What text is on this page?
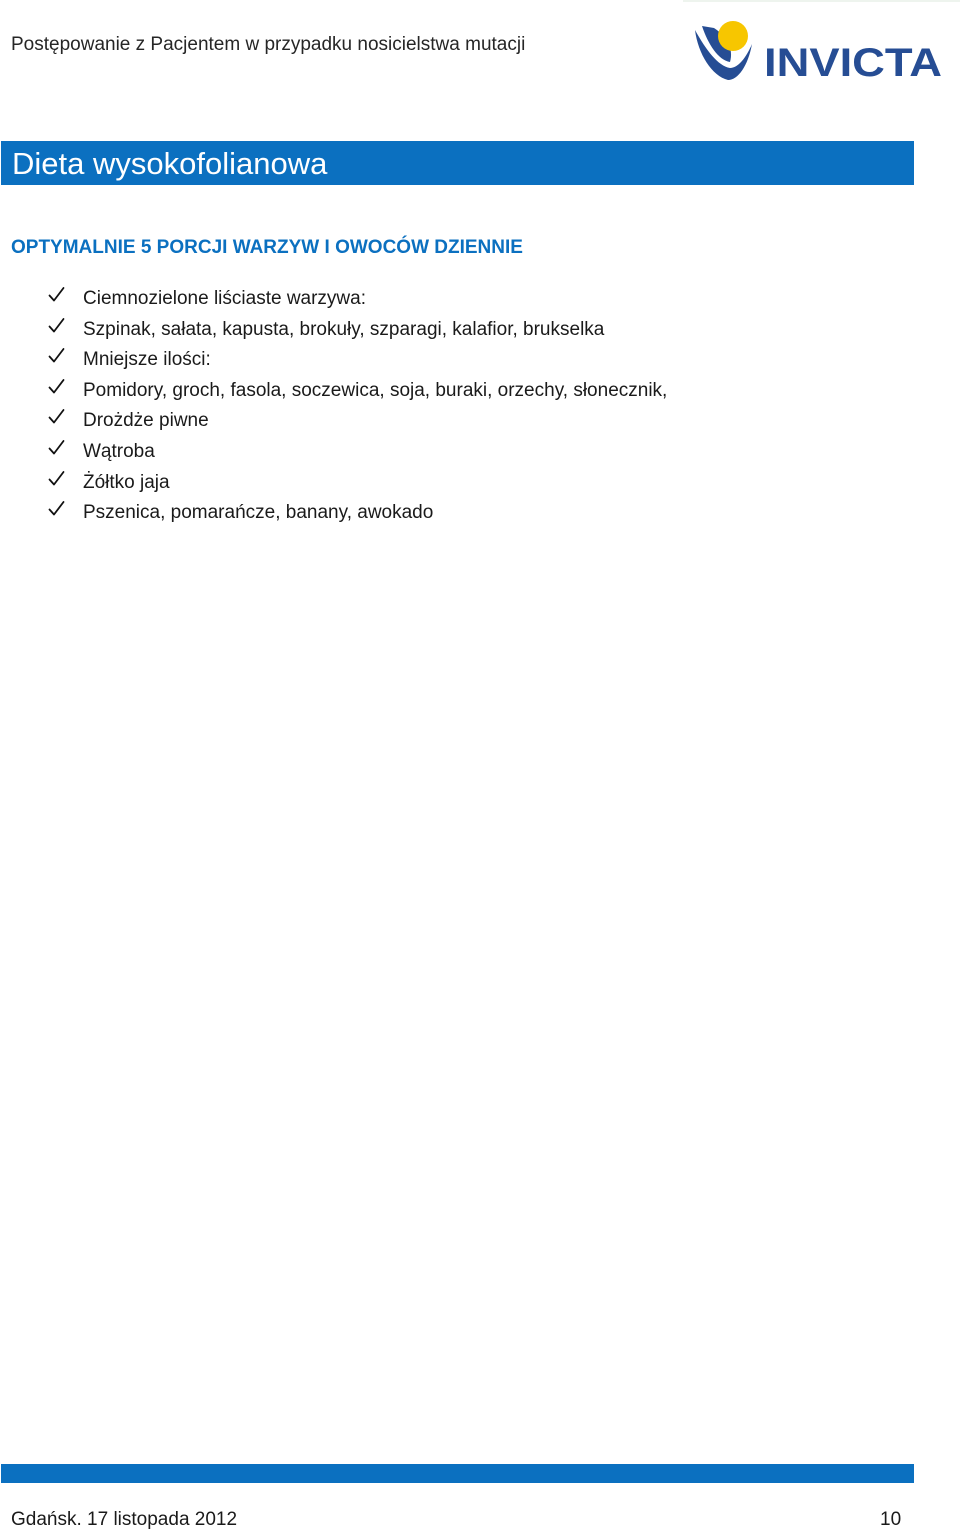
Postępowanie z Pacjentem w przypadku nosicielstwa mutacji	INVICTA
Dieta wysokofolianowa
OPTYMALNIE 5 PORCJI WARZYW I OWOCÓW DZIENNIE
Ciemnozielone liściaste warzywa:
Szpinak, sałata, kapusta, brokuły, szparagi, kalafior, brukselka
Mniejsze ilości:
Pomidory, groch, fasola, soczewica, soja, buraki, orzechy, słonecznik,
Drożdże piwne
Wątroba
Żółtko jaja
Pszenica, pomarańcze, banany, awokado
Gdańsk. 17 listopada 2012	10
